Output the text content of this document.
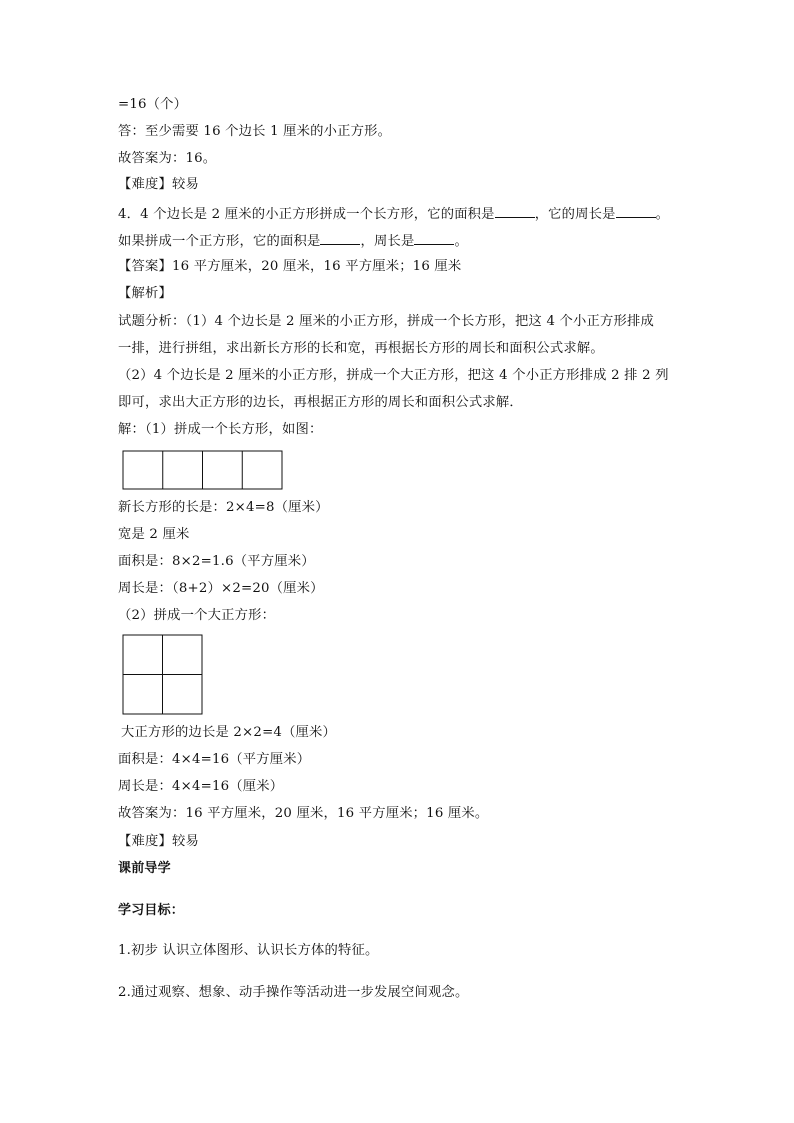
=16（个）
答：至少需要 16 个边长 1 厘米的小正方形。
故答案为：16。
【难度】较易
4．4 个边长是 2 厘米的小正方形拼成一个长方形，它的面积是	，它的周长是	。
如果拼成一个正方形，它的面积是	，周长是	。
【答案】16 平方厘米，20 厘米，16 平方厘米；16 厘米
【解析】
试题分析：（1）4 个边长是 2 厘米的小正方形，拼成一个长方形，把这 4 个小正方形排成
一排，进行拼组，求出新长方形的长和宽，再根据长方形的周长和面积公式求解。
（2）4 个边长是 2 厘米的小正方形，拼成一个大正方形，把这 4 个小正方形排成 2 排 2 列
即可，求出大正方形的边长，再根据正方形的周长和面积公式求解．
解：（1）拼成一个长方形，如图：
新长方形的长是：2×4=8（厘米）
宽是 2 厘米
面积是：8×2=1.6（平方厘米）
周长是：（8+2）×2=20（厘米）
（2）拼成一个大正方形：
大正方形的边长是 2×2=4（厘米）
面积是：4×4=16（平方厘米）
周长是：4×4=16（厘米）
故答案为：16 平方厘米，20 厘米，16 平方厘米；16 厘米。
【难度】较易
课前导学
学习目标：
1.初步 认识立体图形、认识长方体的特征。
2.通过观察、想象、动手操作等活动进一步发展空间观念。
